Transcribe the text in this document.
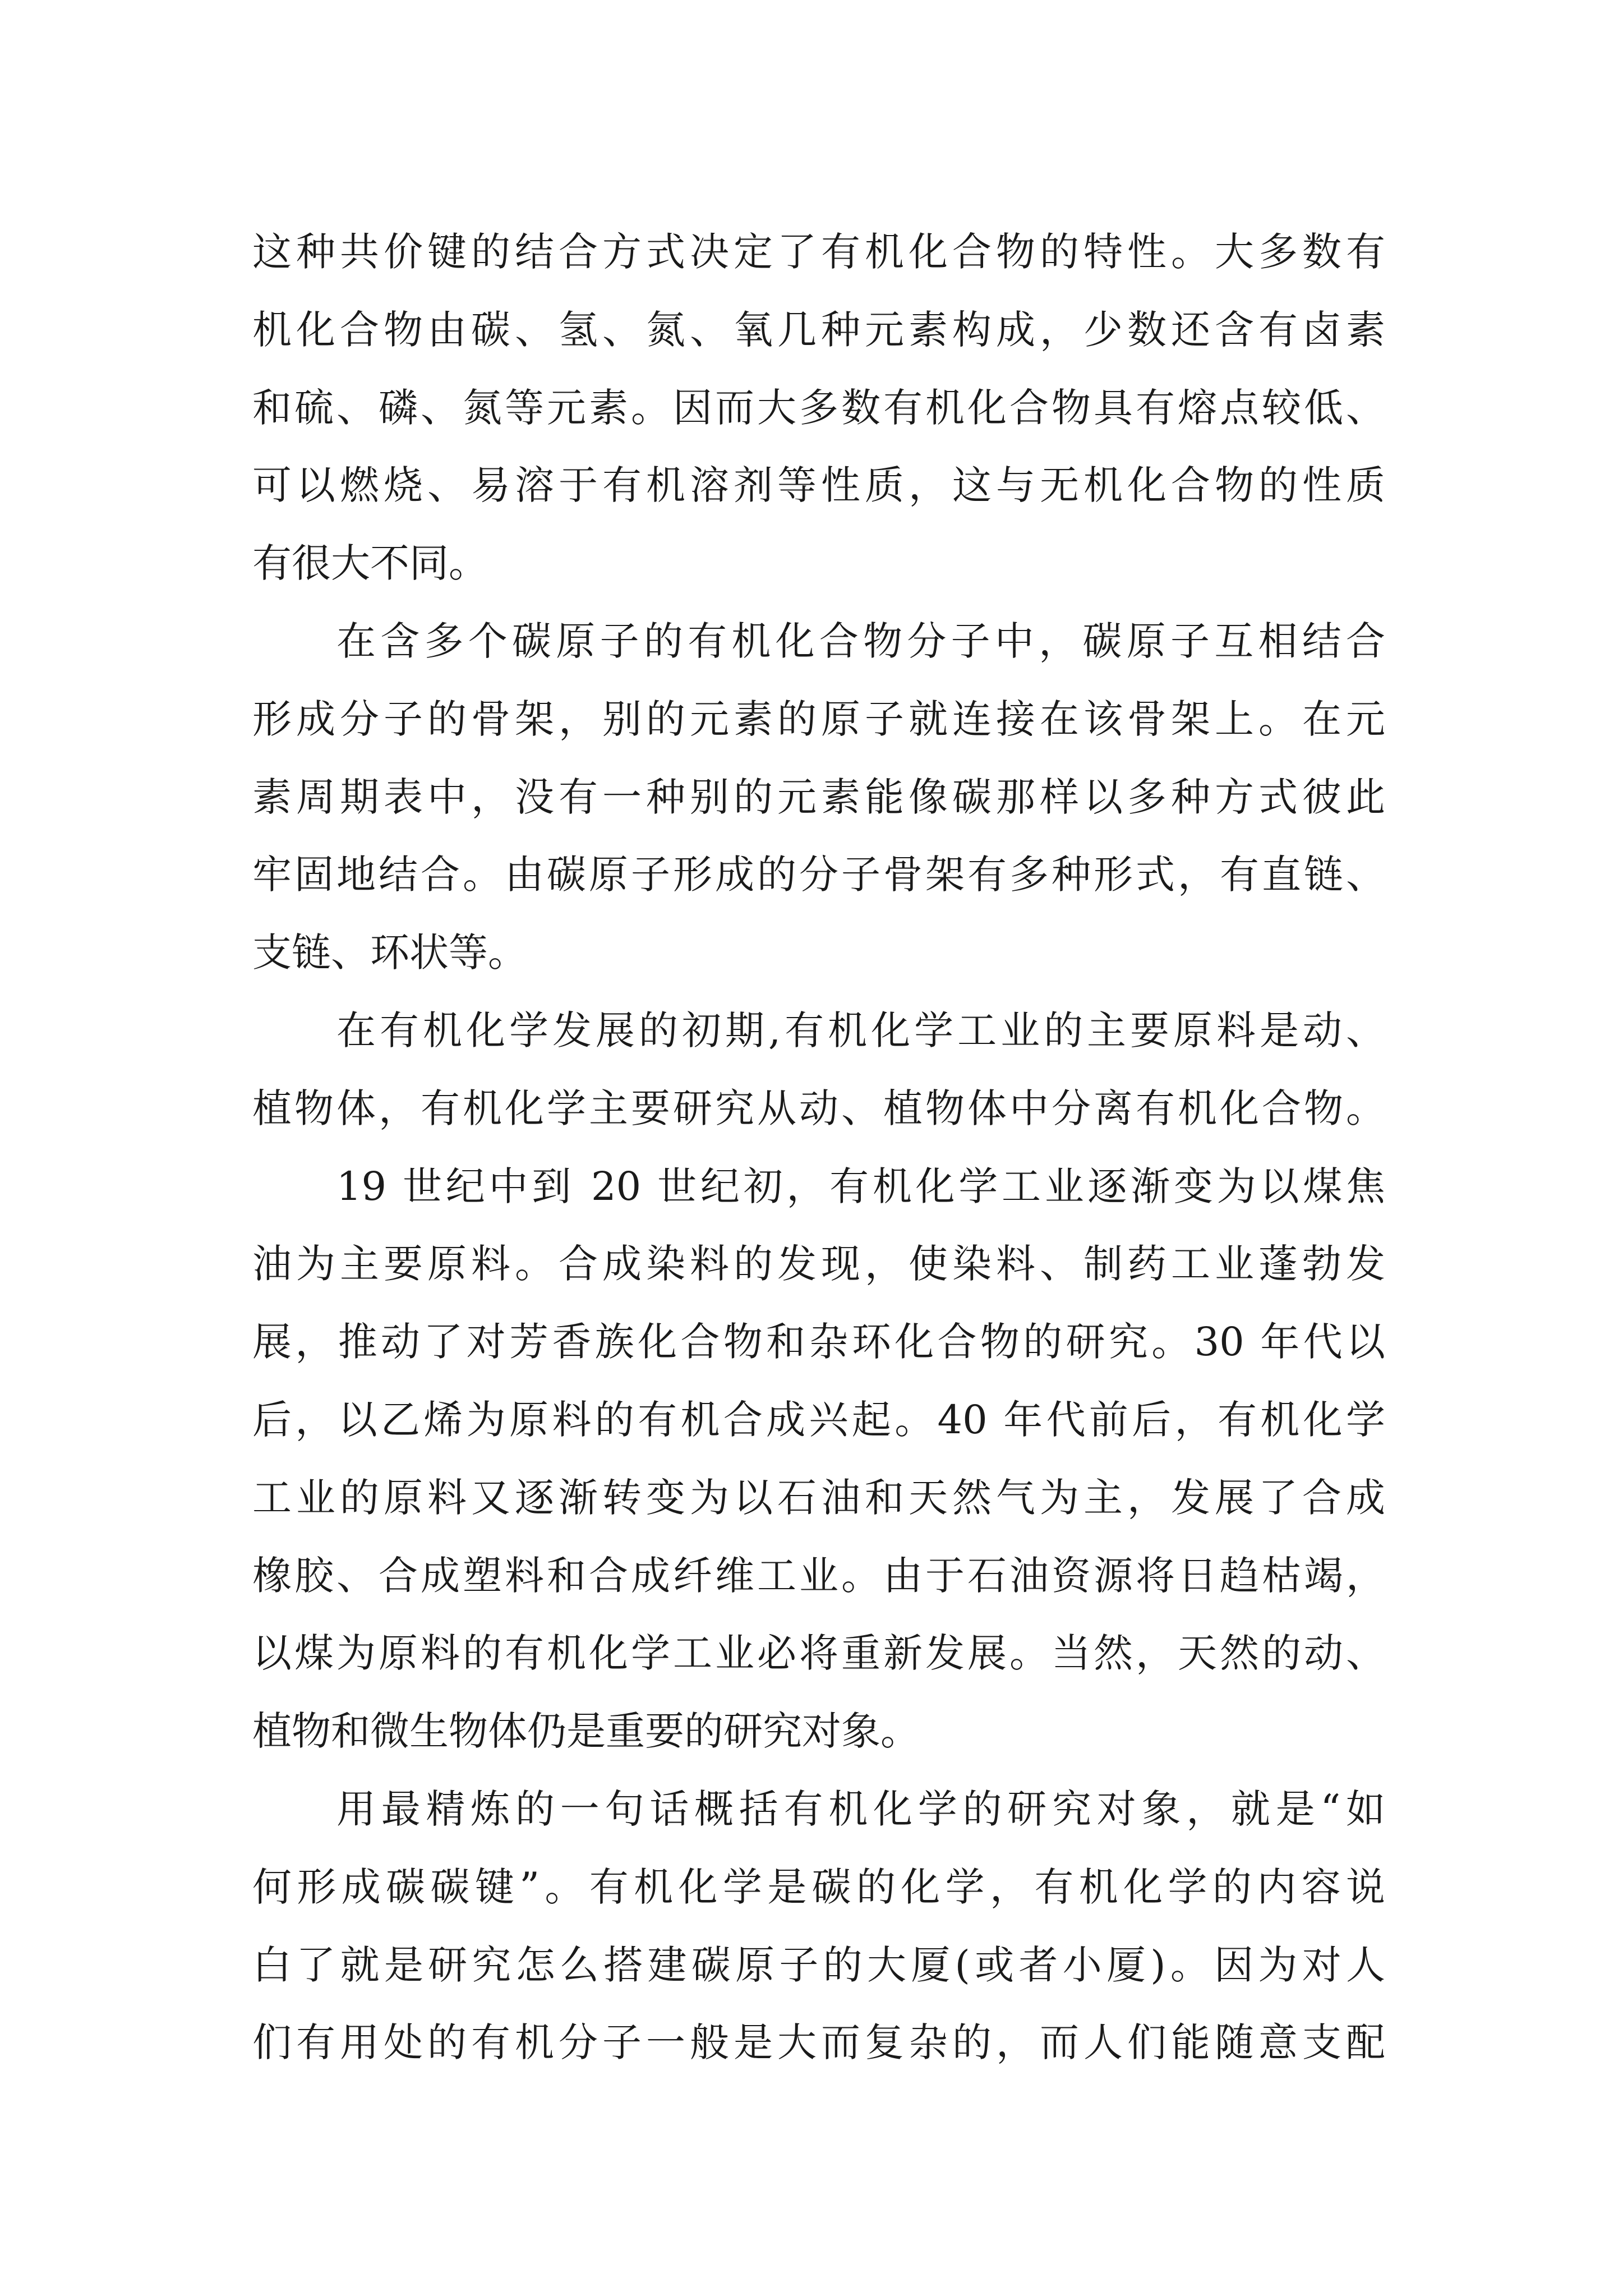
这种共价键的结合方式决定了有机化合物的特性。大多数有
机化合物由碳、氢、氮、氧几种元素构成，少数还含有卤素
和硫、磷、氮等元素。因而大多数有机化合物具有熔点较低、
可以燃烧、易溶于有机溶剂等性质，这与无机化合物的性质
有很大不同。

在含多个碳原子的有机化合物分子中，碳原子互相结合
形成分子的骨架，别的元素的原子就连接在该骨架上。在元
素周期表中，没有一种别的元素能像碳那样以多种方式彼此
牢固地结合。由碳原子形成的分子骨架有多种形式，有直链、
支链、环状等。

在有机化学发展的初期,有机化学工业的主要原料是动、
植物体，有机化学主要研究从动、植物体中分离有机化合物。

19 世纪中到 20 世纪初，有机化学工业逐渐变为以煤焦
油为主要原料。合成染料的发现，使染料、制药工业蓬勃发
展，推动了对芳香族化合物和杂环化合物的研究。30 年代以
后，以乙烯为原料的有机合成兴起。40 年代前后，有机化学
工业的原料又逐渐转变为以石油和天然气为主，发展了合成
橡胶、合成塑料和合成纤维工业。由于石油资源将日趋枯竭，
以煤为原料的有机化学工业必将重新发展。当然，天然的动、
植物和微生物体仍是重要的研究对象。

用最精炼的一句话概括有机化学的研究对象，就是“如
何形成碳碳键”。有机化学是碳的化学，有机化学的内容说
白了就是研究怎么搭建碳原子的大厦(或者小厦)。因为对人
们有用处的有机分子一般是大而复杂的，而人们能随意支配
